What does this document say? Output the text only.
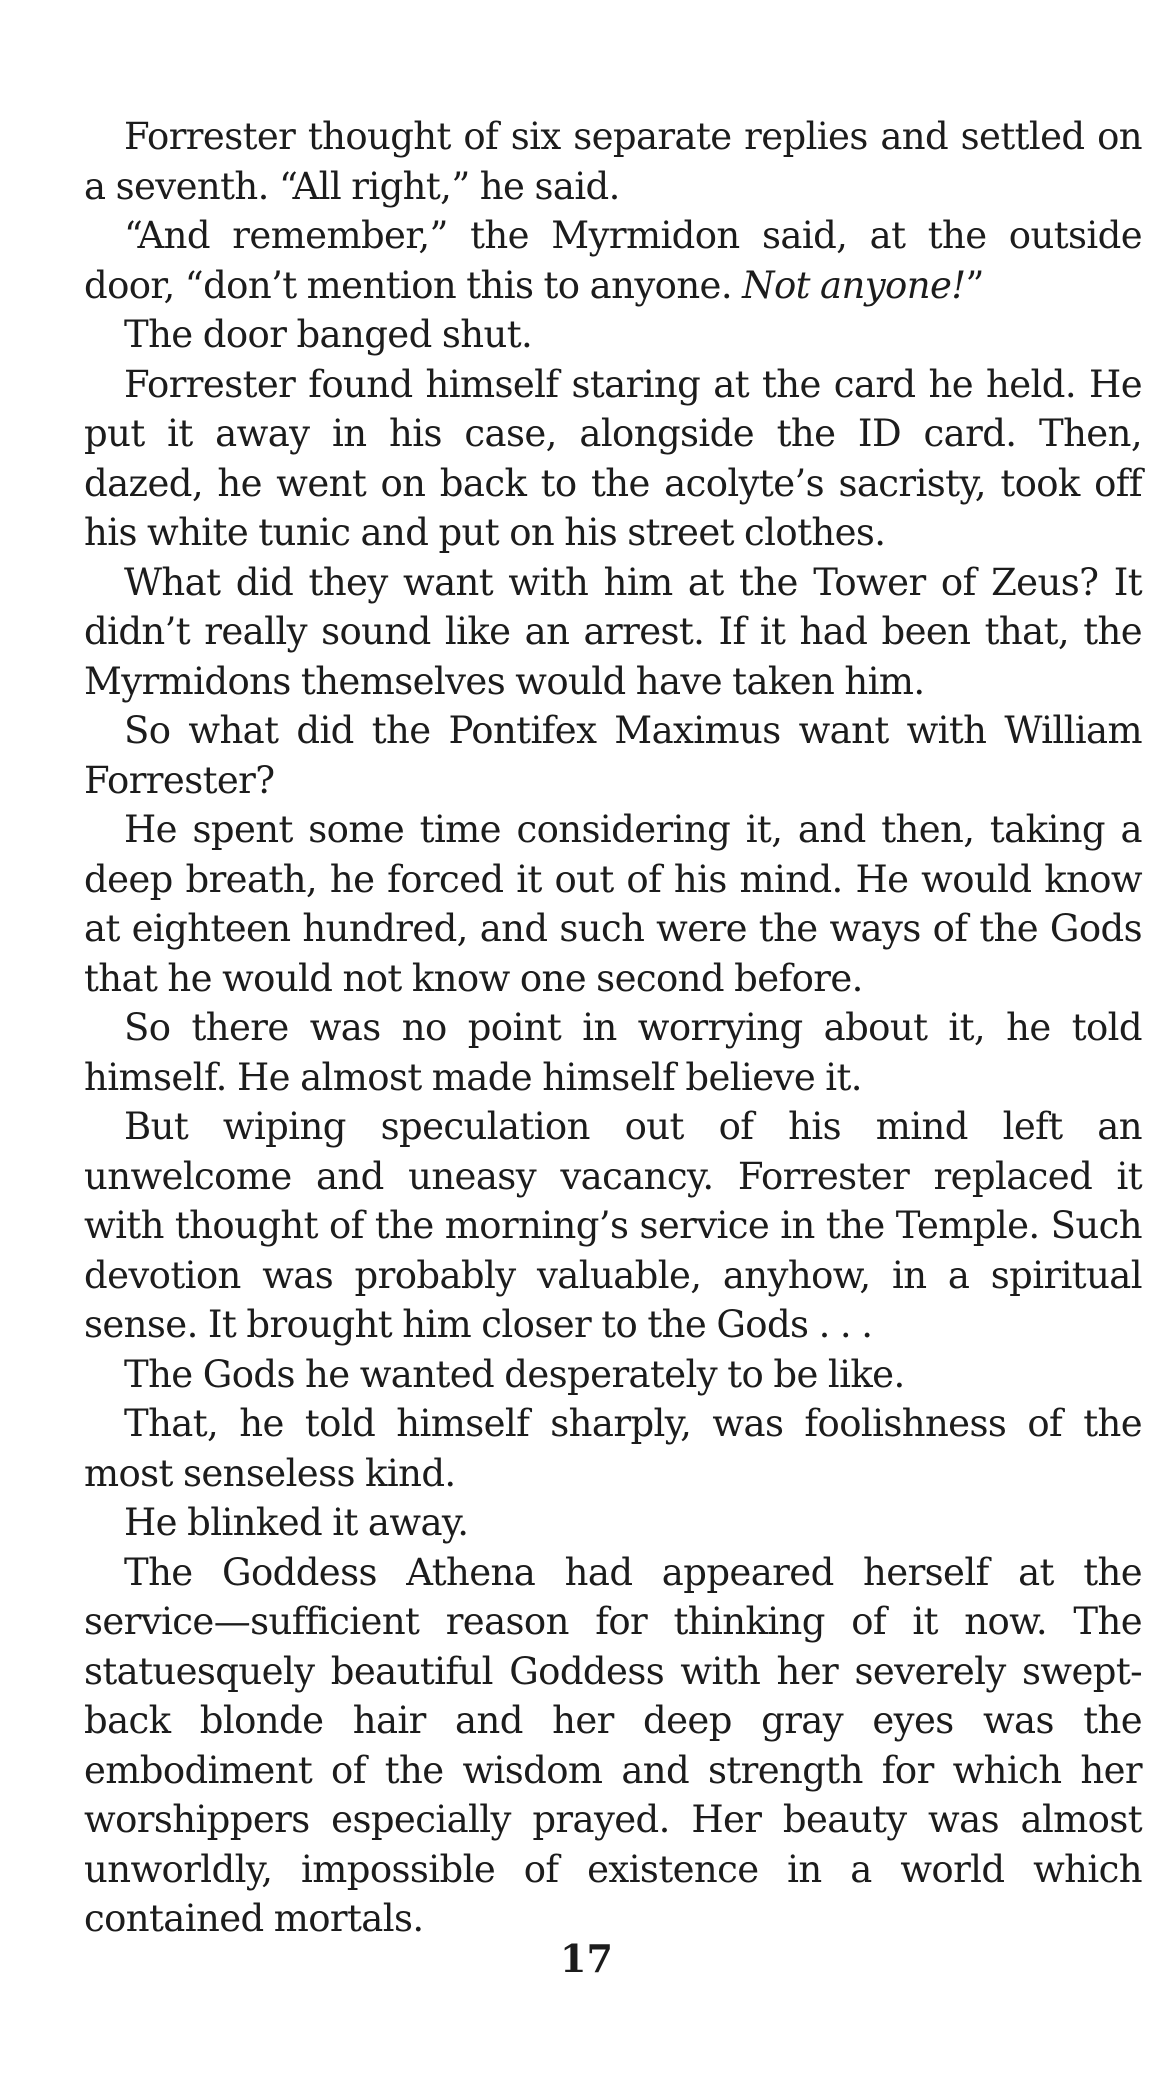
Forrester thought of six separate replies and settled on a seventh. “All right,” he said.

“And remember,” the Myrmidon said, at the outside door, “don’t mention this to anyone. Not anyone!”

The door banged shut.

Forrester found himself staring at the card he held. He put it away in his case, alongside the ID card. Then, dazed, he went on back to the acolyte’s sacristy, took off his white tunic and put on his street clothes.

What did they want with him at the Tower of Zeus? It didn’t really sound like an arrest. If it had been that, the Myrmidons themselves would have taken him.

So what did the Pontifex Maximus want with William Forrester?

He spent some time considering it, and then, taking a deep breath, he forced it out of his mind. He would know at eighteen hundred, and such were the ways of the Gods that he would not know one second before.

So there was no point in worrying about it, he told himself. He almost made himself believe it.

But wiping speculation out of his mind left an unwelcome and uneasy vacancy. Forrester replaced it with thought of the morning’s service in the Temple. Such devotion was probably valuable, anyhow, in a spiritual sense. It brought him closer to the Gods . . .

The Gods he wanted desperately to be like.

That, he told himself sharply, was foolishness of the most senseless kind.

He blinked it away.

The Goddess Athena had appeared herself at the service—sufficient reason for thinking of it now. The statuesquely beautiful Goddess with her severely swept-back blonde hair and her deep gray eyes was the embodiment of the wisdom and strength for which her worshippers especially prayed. Her beauty was almost unworldly, impossible of existence in a world which contained mortals.

17
